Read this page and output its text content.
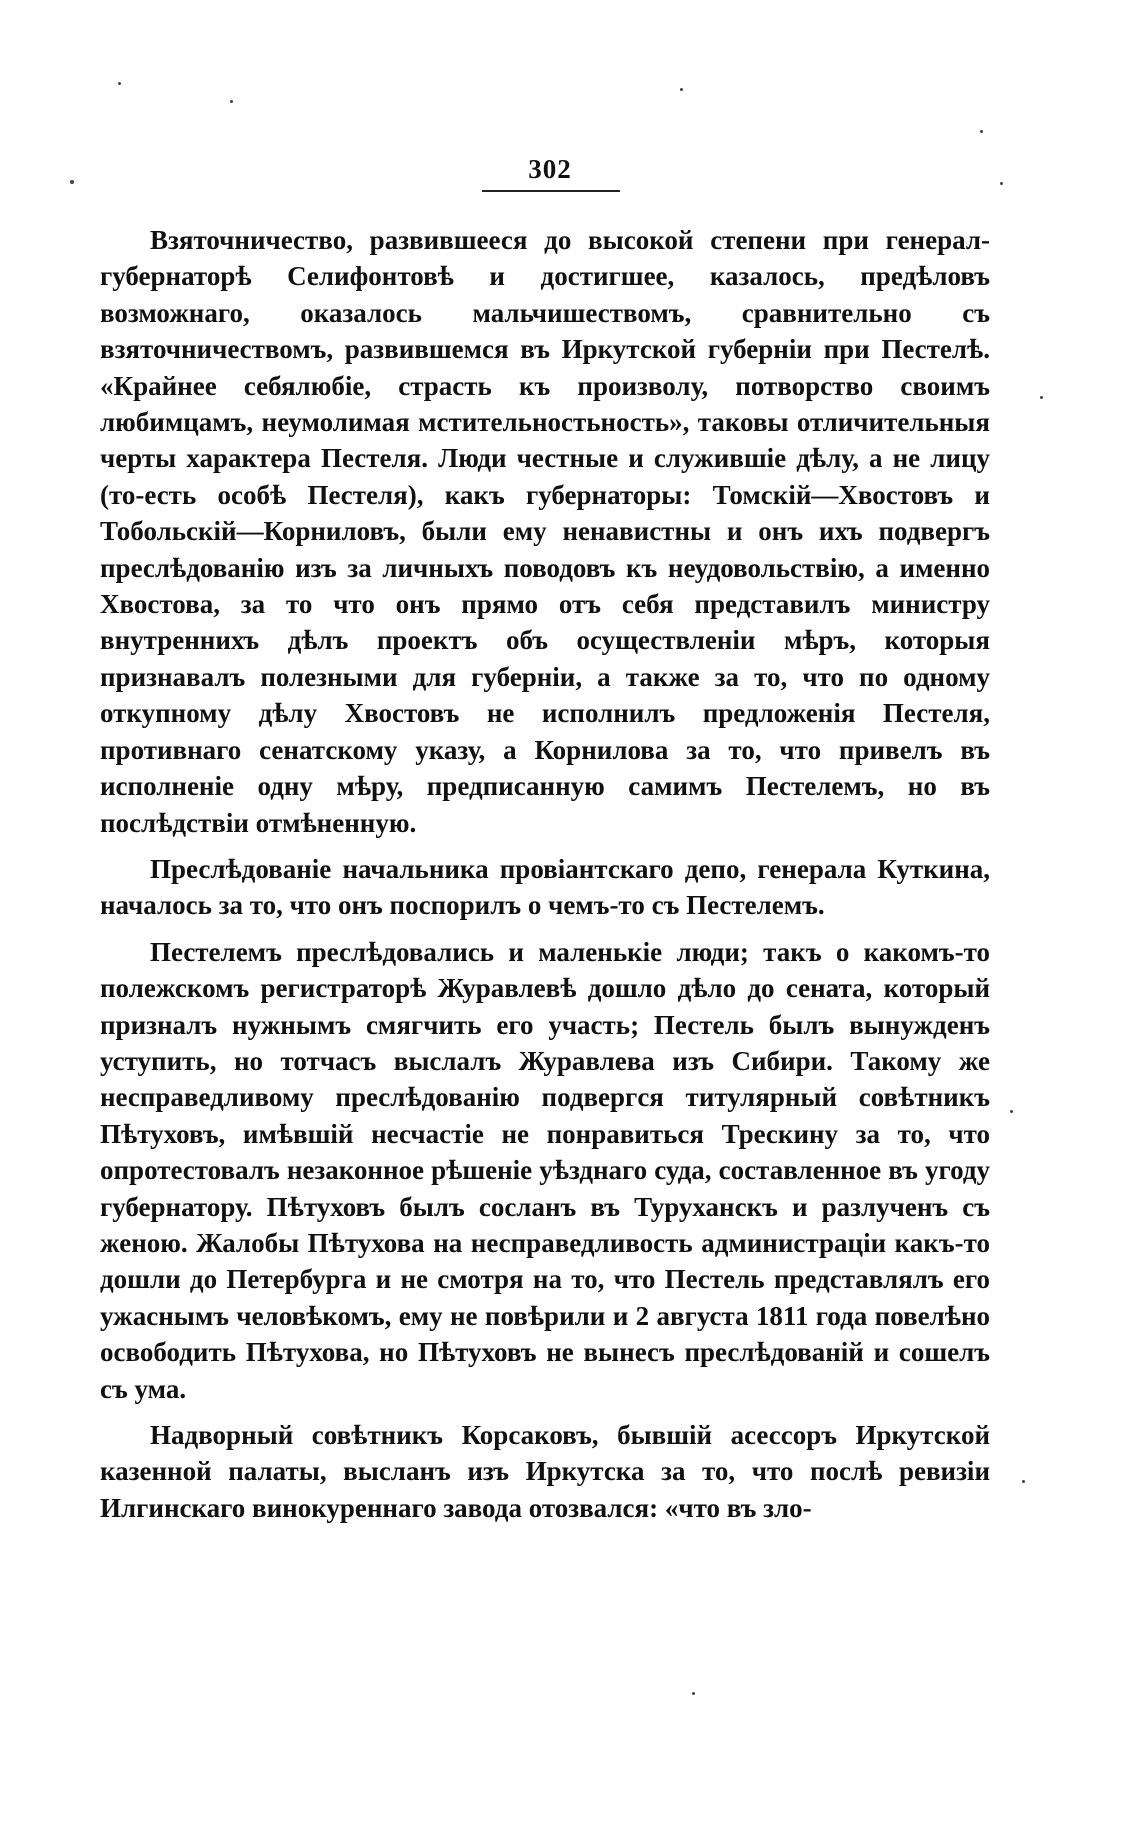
302

Взяточничество, развившееся до высокой степени при генерал-губернаторѣ Селифонтовѣ и достигшее, казалось, предѣловъ возможнаго, оказалось мальчишествомъ, сравнительно съ взяточничествомъ, развившемся въ Иркутской губерніи при Пестелѣ. «Крайнее себялюбіе, страсть къ произволу, потворство своимъ любимцамъ, неумолимая мстительностьность», таковы отличительныя черты характера Пестеля. Люди честные и служившіе дѣлу, а не лицу (то-есть особѣ Пестеля), какъ губернаторы: Томскій—Хвостовъ и Тобольскій—Корниловъ, были ему ненавистны и онъ ихъ подвергъ преслѣдованію изъ за личныхъ поводовъ къ неудовольствію, а именно Хвостова, за то что онъ прямо отъ себя представилъ министру внутреннихъ дѣлъ проектъ объ осуществленіи мѣръ, которыя признавалъ полезными для губерніи, а также за то, что по одному откупному дѣлу Хвостовъ не исполнилъ предложенія Пестеля, противнаго сенатскому указу, а Корнилова за то, что привелъ въ исполненіе одну мѣру, предписанную самимъ Пестелемъ, но въ послѣдствіи отмѣненную.

Преслѣдованіе начальника провіантскаго депо, генерала Куткина, началось за то, что онъ поспорилъ о чемъ-то съ Пестелемъ.

Пестелемъ преслѣдовались и маленькіе люди; такъ о какомъ-то полежскомъ регистраторѣ Журавлевѣ дошло дѣло до сената, который призналъ нужнымъ смягчить его участь; Пестель былъ вынужденъ уступить, но тотчасъ выслалъ Журавлева изъ Сибири. Такому же несправедливому преслѣдованію подвергся титулярный совѣтникъ Пѣтуховъ, имѣвшій несчастіе не понравиться Трескину за то, что опротестовалъ незаконное рѣшеніе уѣзднаго суда, составленное въ угоду губернатору. Пѣтуховъ былъ сосланъ въ Туруханскъ и разлученъ съ женою. Жалобы Пѣтухова на несправедливость администраціи какъ-то дошли до Петербурга и не смотря на то, что Пестель представлялъ его ужаснымъ человѣкомъ, ему не повѣрили и 2 августа 1811 года повелѣно освободить Пѣтухова, но Пѣтуховъ не вынесъ преслѣдованій и сошелъ съ ума.

Надворный совѣтникъ Корсаковъ, бывшій асессоръ Иркутской казенной палаты, высланъ изъ Иркутска за то, что послѣ ревизіи Илгинскаго винокуреннаго завода отозвался: «что въ зло-
